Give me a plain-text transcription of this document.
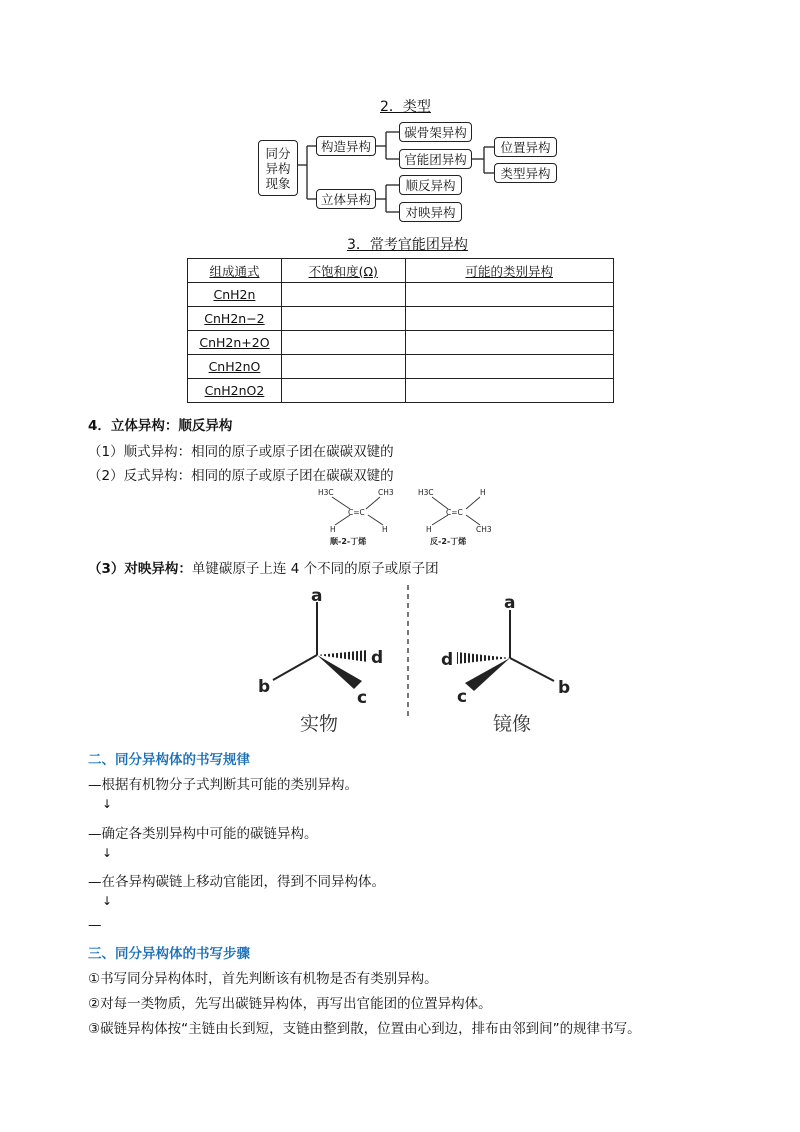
2．类型
同分
异构
现象
构造异构
立体异构
碳骨架异构
官能团异构
位置异构
类型异构
顺反异构
对映异构
3．常考官能团异构
组成通式	不饱和度(Ω)	可能的类别异构
CnH2n		
CnH2n−2		
CnH2n+2O		
CnH2nO		
CnH2nO2		
4．立体异构：顺反异构
（1）顺式异构：相同的原子或原子团在碳碳双键的
（2）反式异构：相同的原子或原子团在碳碳双键的
H3C	CH3
C=C
H	H
H3C	H
C=C
H	CH3
顺-2-丁烯	反-2-丁烯
（3）对映异构：单键碳原子上连 4 个不同的原子或原子团
a
b
c
d
a
b
c
d
实物	镜像
二、同分异构体的书写规律
—根据有机物分子式判断其可能的类别异构。
↓
—确定各类别异构中可能的碳链异构。
↓
—在各异构碳链上移动官能团，得到不同异构体。
↓
—
三、同分异构体的书写步骤
①书写同分异构体时，首先判断该有机物是否有类别异构。
②对每一类物质，先写出碳链异构体，再写出官能团的位置异构体。
③碳链异构体按“主链由长到短，支链由整到散，位置由心到边，排布由邻到间”的规律书写。
